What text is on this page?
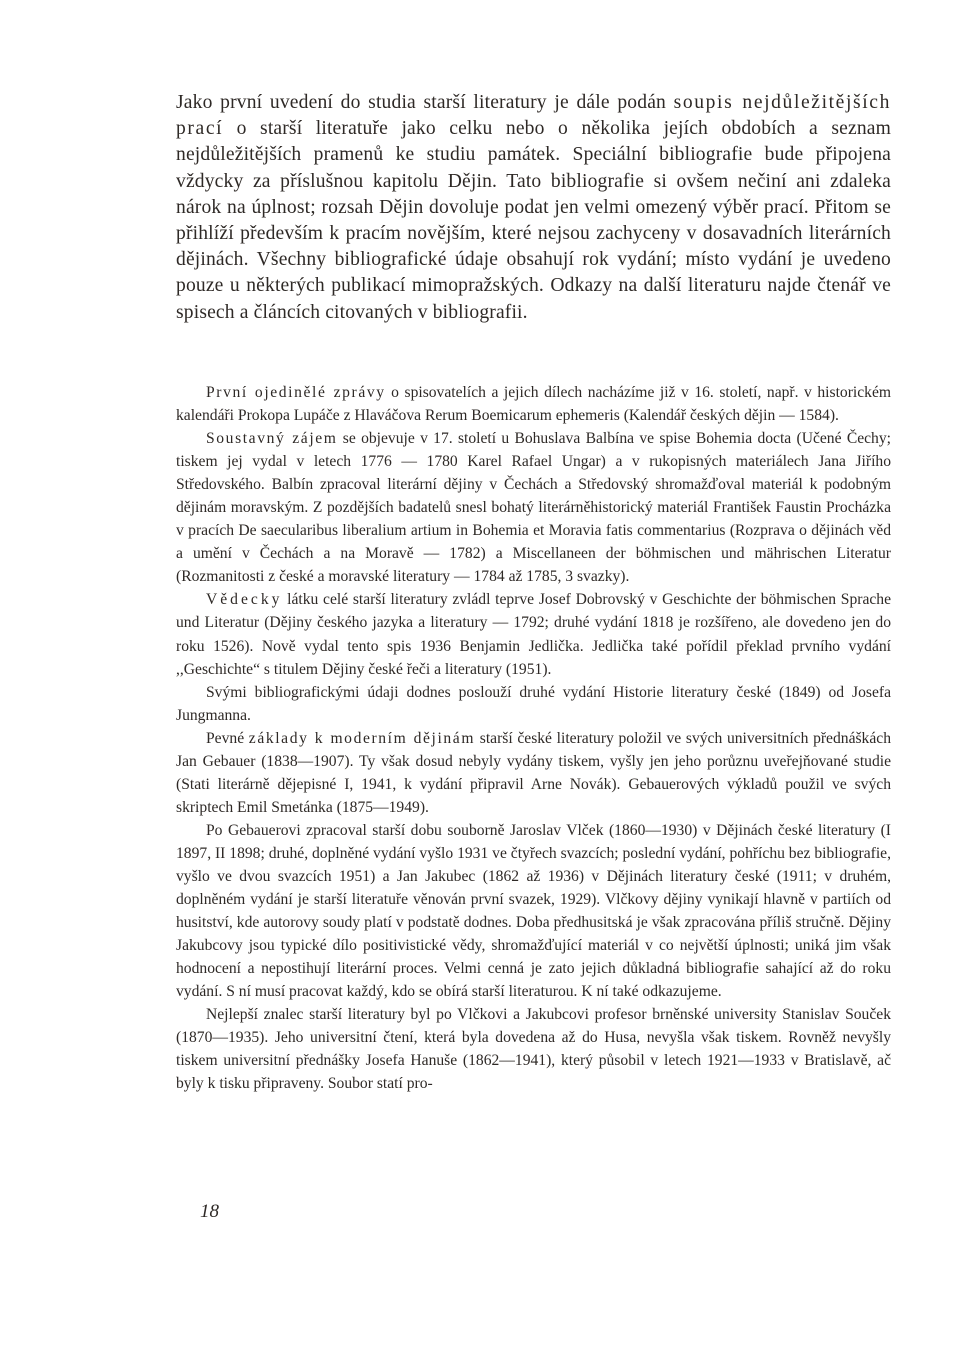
Jako první uvedení do studia starší literatury je dále podán soupis nejdůležitějších prací o starší literatuře jako celku nebo o několika jejích obdobích a seznam nejdůležitějších pramenů ke studiu památek. Speciální bibliografie bude připojena vždycky za příslušnou kapitolu Dějin. Tato bibliografie si ovšem nečiní ani zdaleka nárok na úplnost; rozsah Dějin dovoluje podat jen velmi omezený výběr prací. Přitom se přihlíží především k pracím novějším, které nejsou zachyceny v dosavadních literárních dějinách. Všechny bibliografické údaje obsahují rok vydání; místo vydání je uvedeno pouze u některých publikací mimopražských. Odkazy na další literaturu najde čtenář ve spisech a článcích citovaných v bibliografii.

První ojedinělé zprávy o spisovatelích a jejich dílech nacházíme již v 16. století, např. v historickém kalendáři Prokopa Lupáče z Hlaváčova Rerum Boemicarum ephemeris (Kalendář českých dějin — 1584).

Soustavný zájem se objevuje v 17. století u Bohuslava Balbína ve spise Bohemia docta (Učené Čechy; tiskem jej vydal v letech 1776 — 1780 Karel Rafael Ungar) a v rukopisných materiálech Jana Jiřího Středovského. Balbín zpracoval literární dějiny v Čechách a Středovský shromažďoval materiál k podobným dějinám moravským. Z pozdějších badatelů snesl bohatý literárněhistorický materiál František Faustin Procházka v pracích De saecularibus liberalium artium in Bohemia et Moravia fatis commentarius (Rozprava o dějinách věd a umění v Čechách a na Moravě — 1782) a Miscellaneen der böhmischen und mährischen Literatur (Rozmanitosti z české a moravské literatury — 1784 až 1785, 3 svazky).

Vědecky látku celé starší literatury zvládl teprve Josef Dobrovský v Geschichte der böhmischen Sprache und Literatur (Dějiny českého jazyka a literatury — 1792; druhé vydání 1818 je rozšířeno, ale dovedeno jen do roku 1526). Nově vydal tento spis 1936 Benjamin Jedlička. Jedlička také pořídil překlad prvního vydání ,,Geschichte“ s titulem Dějiny české řeči a literatury (1951).

Svými bibliografickými údaji dodnes poslouží druhé vydání Historie literatury české (1849) od Josefa Jungmanna.

Pevné základy k moderním dějinám starší české literatury položil ve svých universitních přednáškách Jan Gebauer (1838—1907). Ty však dosud nebyly vydány tiskem, vyšly jen jeho porůznu uveřejňované studie (Stati literárně dějepisné I, 1941, k vydání připravil Arne Novák). Gebauerových výkladů použil ve svých skriptech Emil Smetánka (1875—1949).

Po Gebauerovi zpracoval starší dobu souborně Jaroslav Vlček (1860—1930) v Dějinách české literatury (I 1897, II 1898; druhé, doplněné vydání vyšlo 1931 ve čtyřech svazcích; poslední vydání, pohříchu bez bibliografie, vyšlo ve dvou svazcích 1951) a Jan Jakubec (1862 až 1936) v Dějinách literatury české (1911; v druhém, doplněném vydání je starší literatuře věnován první svazek, 1929). Vlčkovy dějiny vynikají hlavně v partiích od husitství, kde autorovy soudy platí v podstatě dodnes. Doba předhusitská je však zpracována příliš stručně. Dějiny Jakubcovy jsou typické dílo positivistické vědy, shromažďující materiál v co největší úplnosti; uniká jim však hodnocení a nepostihují literární proces. Velmi cenná je zato jejich důkladná bibliografie sahající až do roku vydání. S ní musí pracovat každý, kdo se obírá starší literaturou. K ní také odkazujeme.

Nejlepší znalec starší literatury byl po Vlčkovi a Jakubcovi profesor brněnské university Stanislav Souček (1870—1935). Jeho universitní čtení, která byla dovedena až do Husa, nevyšla však tiskem. Rovněž nevyšly tiskem universitní přednášky Josefa Hanuše (1862—1941), který působil v letech 1921—1933 v Bratislavě, ač byly k tisku připraveny. Soubor statí pro-

18
